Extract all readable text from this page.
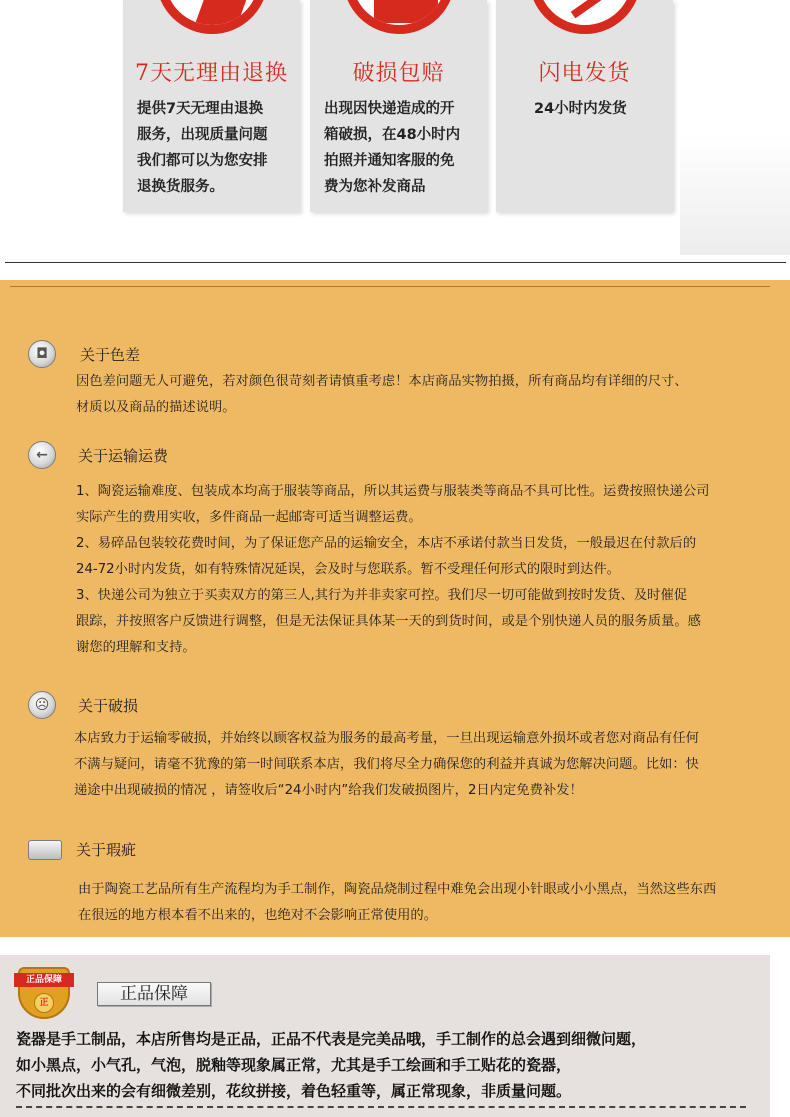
7天无理由退换
提供7天无理由退换
服务，出现质量问题
我们都可以为您安排
退换货服务。
破损包赔
出现因快递造成的开
箱破损，在48小时内
拍照并通知客服的免
费为您补发商品
闪电发货
24小时内发货
◘	关于色差
因色差问题无人可避免，若对颜色很苛刻者请慎重考虑！本店商品实物拍摄，所有商品均有详细的尺寸、
材质以及商品的描述说明。
←	关于运输运费
1、陶瓷运输难度、包装成本均高于服装等商品，所以其运费与服装类等商品不具可比性。运费按照快递公司
实际产生的费用实收，多件商品一起邮寄可适当调整运费。
2、易碎品包装较花费时间，为了保证您产品的运输安全，本店不承诺付款当日发货，一般最迟在付款后的
24-72小时内发货，如有特殊情况延误，会及时与您联系。暂不受理任何形式的限时到达件。
3、快递公司为独立于买卖双方的第三人,其行为并非卖家可控。我们尽一切可能做到按时发货、及时催促
跟踪，并按照客户反馈进行调整，但是无法保证具体某一天的到货时间，或是个别快递人员的服务质量。感
谢您的理解和支持。
☹	关于破损
本店致力于运输零破损，并始终以顾客权益为服务的最高考量，一旦出现运输意外损坏或者您对商品有任何
不满与疑问，请毫不犹豫的第一时间联系本店，我们将尽全力确保您的利益并真诚为您解决问题。比如：快
递途中出现破损的情况 ，请签收后“24小时内”给我们发破损图片，2日内定免费补发！
关于瑕疵
由于陶瓷工艺品所有生产流程均为手工制作，陶瓷品烧制过程中难免会出现小针眼或小小黑点，当然这些东西
在很远的地方根本看不出来的，也绝对不会影响正常使用的。
正品保障
正	正品保障
瓷器是手工制品，本店所售均是正品，正品不代表是完美品哦，手工制作的总会遇到细微问题，
如小黑点，小气孔，气泡，脱釉等现象属正常，尤其是手工绘画和手工贴花的瓷器，
不同批次出来的会有细微差别，花纹拼接，着色轻重等，属正常现象，非质量问题。
